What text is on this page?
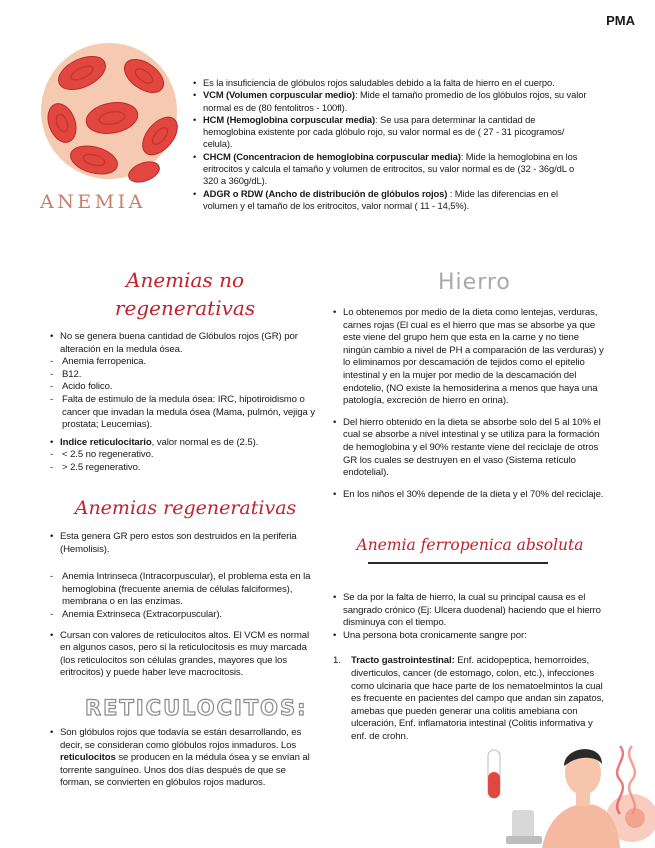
PMA
ANEMIA
• Es la insuficiencia de glóbulos rojos saludables debido a la falta de hierro en el cuerpo.
• VCM (Volumen corpuscular medio): Mide el tamaño promedio de los glóbulos rojos, su valor normal es de (80 fentolitros - 100fl).
• HCM (Hemoglobina corpuscular media): Se usa para determinar la cantidad de hemoglobina existente por cada glóbulo rojo, su valor normal es de ( 27 - 31 picogramos/ celula).
• CHCM (Concentracion de hemoglobina corpuscular media): Mide la hemoglobina en los eritrocitos y calcula el tamaño y volumen de eritrocitos, su valor normal es de (32 - 36g/dL o 320 a 360g/dL).
• ADGR o RDW (Ancho de distribución de glóbulos rojos) : Mide las diferencias en el volumen y el tamaño de los eritrocitos, valor normal ( 11 - 14,5%).
Anemias no
regenerativas
• No se genera buena cantidad de Glóbulos rojos (GR) por alteración en la medula ósea.
- Anemia ferropenica.
- B12.
- Acido folico.
- Falta de estimulo de la medula ósea: IRC, hipotiroidismo o cancer que invadan la medula ósea (Mama, pulmón, vejiga y prostata; Leucemias).
• Indice reticulocitario, valor normal es de (2.5).
- < 2.5 no regenerativo.
- > 2.5 regenerativo.
Anemias regenerativas
• Esta genera GR pero estos son destruidos en la periferia (Hemolisis).
- Anemia Intrinseca (Intracorpuscular), el problema esta en la hemoglobina (frecuente anemia de células falciformes), membrana o en las enzimas.
- Anemia Extrinseca (Extracorpuscular).
• Cursan con valores de reticulocitos altos. El VCM es normal en algunos casos, pero si la reticulocitosis es muy marcada (los reticulocitos son células grandes, mayores que los eritrocitos) y puede haber leve macrocitosis.
RETICULOCITOS:
• Son glóbulos rojos que todavía se están desarrollando, es decir, se consideran como glóbulos rojos inmaduros. Los reticulocitos se producen en la médula ósea y se envían al torrente sanguíneo. Unos dos días después de que se forman, se convierten en glóbulos rojos maduros.
Hierro
• Lo obtenemos por medio de la dieta como lentejas, verduras, carnes rojas (El cual es el hierro que mas se absorbe ya que este viene del grupo hem que esta en la carne y no tiene ningún cambio a nivel de PH a comparación de las verduras) y lo eliminamos por descamación de tejidos como el epitelio intestinal y en la mujer por medio de la descamación del endotelio, (NO existe la hemosiderina a menos que haya una patología, excreción de hierro en orina).
• Del hierro obtenido en la dieta se absorbe solo del 5 al 10% el cual se absorbe a nivel intestinal y se utiliza para la formación de hemoglobina y el 90% restante viene del reciclaje de otros GR los cuales se destruyen en el vaso (Sistema retículo endotelial).
• En los niños el 30% depende de la dieta y el 70% del reciclaje.
Anemia ferropenica absoluta
• Se da por la falta de hierro, la cual su principal causa es el sangrado crónico (Ej: Ulcera duodenal) haciendo que el hierro disminuya con el tiempo.
• Una persona bota cronicamente sangre por:
1. Tracto gastrointestinal: Enf. acidopeptica, hemorroides, diverticulos, cancer (de estomago, colon, etc.), infecciones como ulcinaria que hace parte de los nematoelmintos la cual es frecuente en pacientes del campo que andan sin zapatos, amebas que pueden generar una colitis amebiana con ulceración, Enf. inflamatoria intestinal (Colitis informativa y enf. de crohn.
